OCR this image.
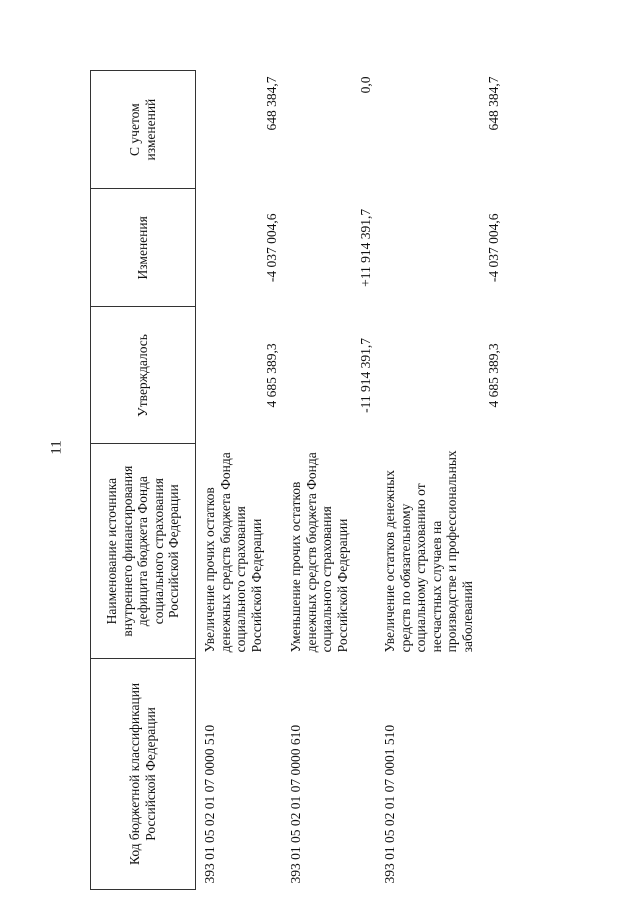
11
Код бюджетной классификации Российской Федерации	Наименование источника внутреннего финансирования дефицита бюджета Фонда социального страхования Российской Федерации	Утверждалось	Изменения	С учетом изменений
393 01 05 02 01 07 0000 510	Увеличение прочих остатков денежных средств бюджета Фонда социального страхования Российской Федерации	4 685 389,3	-4 037 004,6	648 384,7
393 01 05 02 01 07 0000 610	Уменьшение прочих остатков денежных средств бюджета Фонда социального страхования Российской Федерации	-11 914 391,7	+11 914 391,7	0,0
393 01 05 02 01 07 0001 510	Увеличение остатков денежных средств по обязательному социальному страхованию от несчастных случаев на производстве и профессиональных заболеваний	4 685 389,3	-4 037 004,6	648 384,7
